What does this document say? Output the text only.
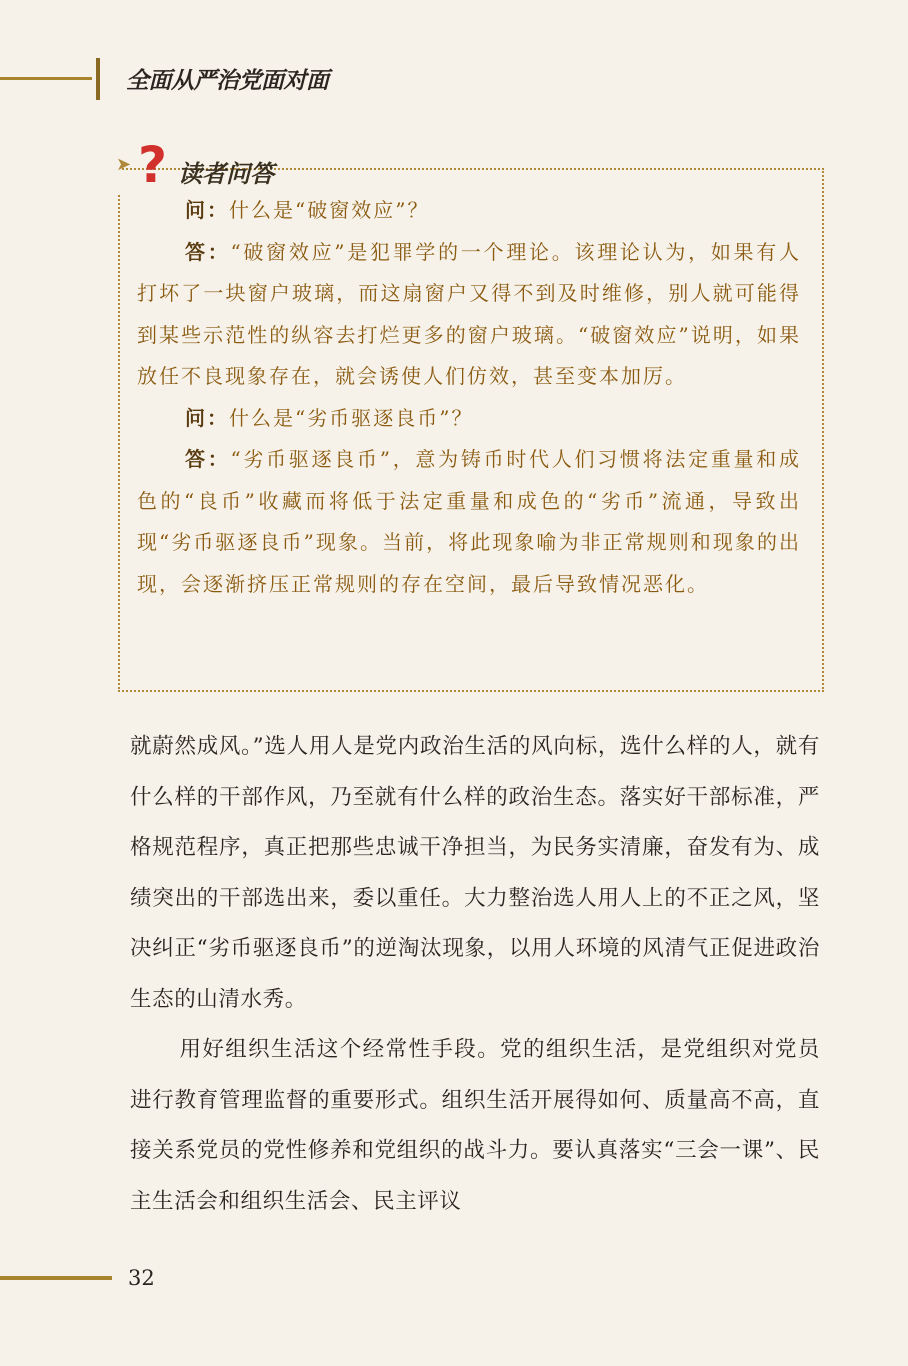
全面从严治党面对面
➤ ? 读者问答

问：什么是“破窗效应”？

答：“破窗效应”是犯罪学的一个理论。该理论认为，如果有人打坏了一块窗户玻璃，而这扇窗户又得不到及时维修，别人就可能得到某些示范性的纵容去打烂更多的窗户玻璃。“破窗效应”说明，如果放任不良现象存在，就会诱使人们仿效，甚至变本加厉。

问：什么是“劣币驱逐良币”？

答：“劣币驱逐良币”，意为铸币时代人们习惯将法定重量和成色的“良币”收藏而将低于法定重量和成色的“劣币”流通，导致出现“劣币驱逐良币”现象。当前，将此现象喻为非正常规则和现象的出现，会逐渐挤压正常规则的存在空间，最后导致情况恶化。

就蔚然成风。”选人用人是党内政治生活的风向标，选什么样的人，就有什么样的干部作风，乃至就有什么样的政治生态。落实好干部标准，严格规范程序，真正把那些忠诚干净担当，为民务实清廉，奋发有为、成绩突出的干部选出来，委以重任。大力整治选人用人上的不正之风，坚决纠正“劣币驱逐良币”的逆淘汰现象，以用人环境的风清气正促进政治生态的山清水秀。

用好组织生活这个经常性手段。党的组织生活，是党组织对党员进行教育管理监督的重要形式。组织生活开展得如何、质量高不高，直接关系党员的党性修养和党组织的战斗力。要认真落实“三会一课”、民主生活会和组织生活会、民主评议

32
